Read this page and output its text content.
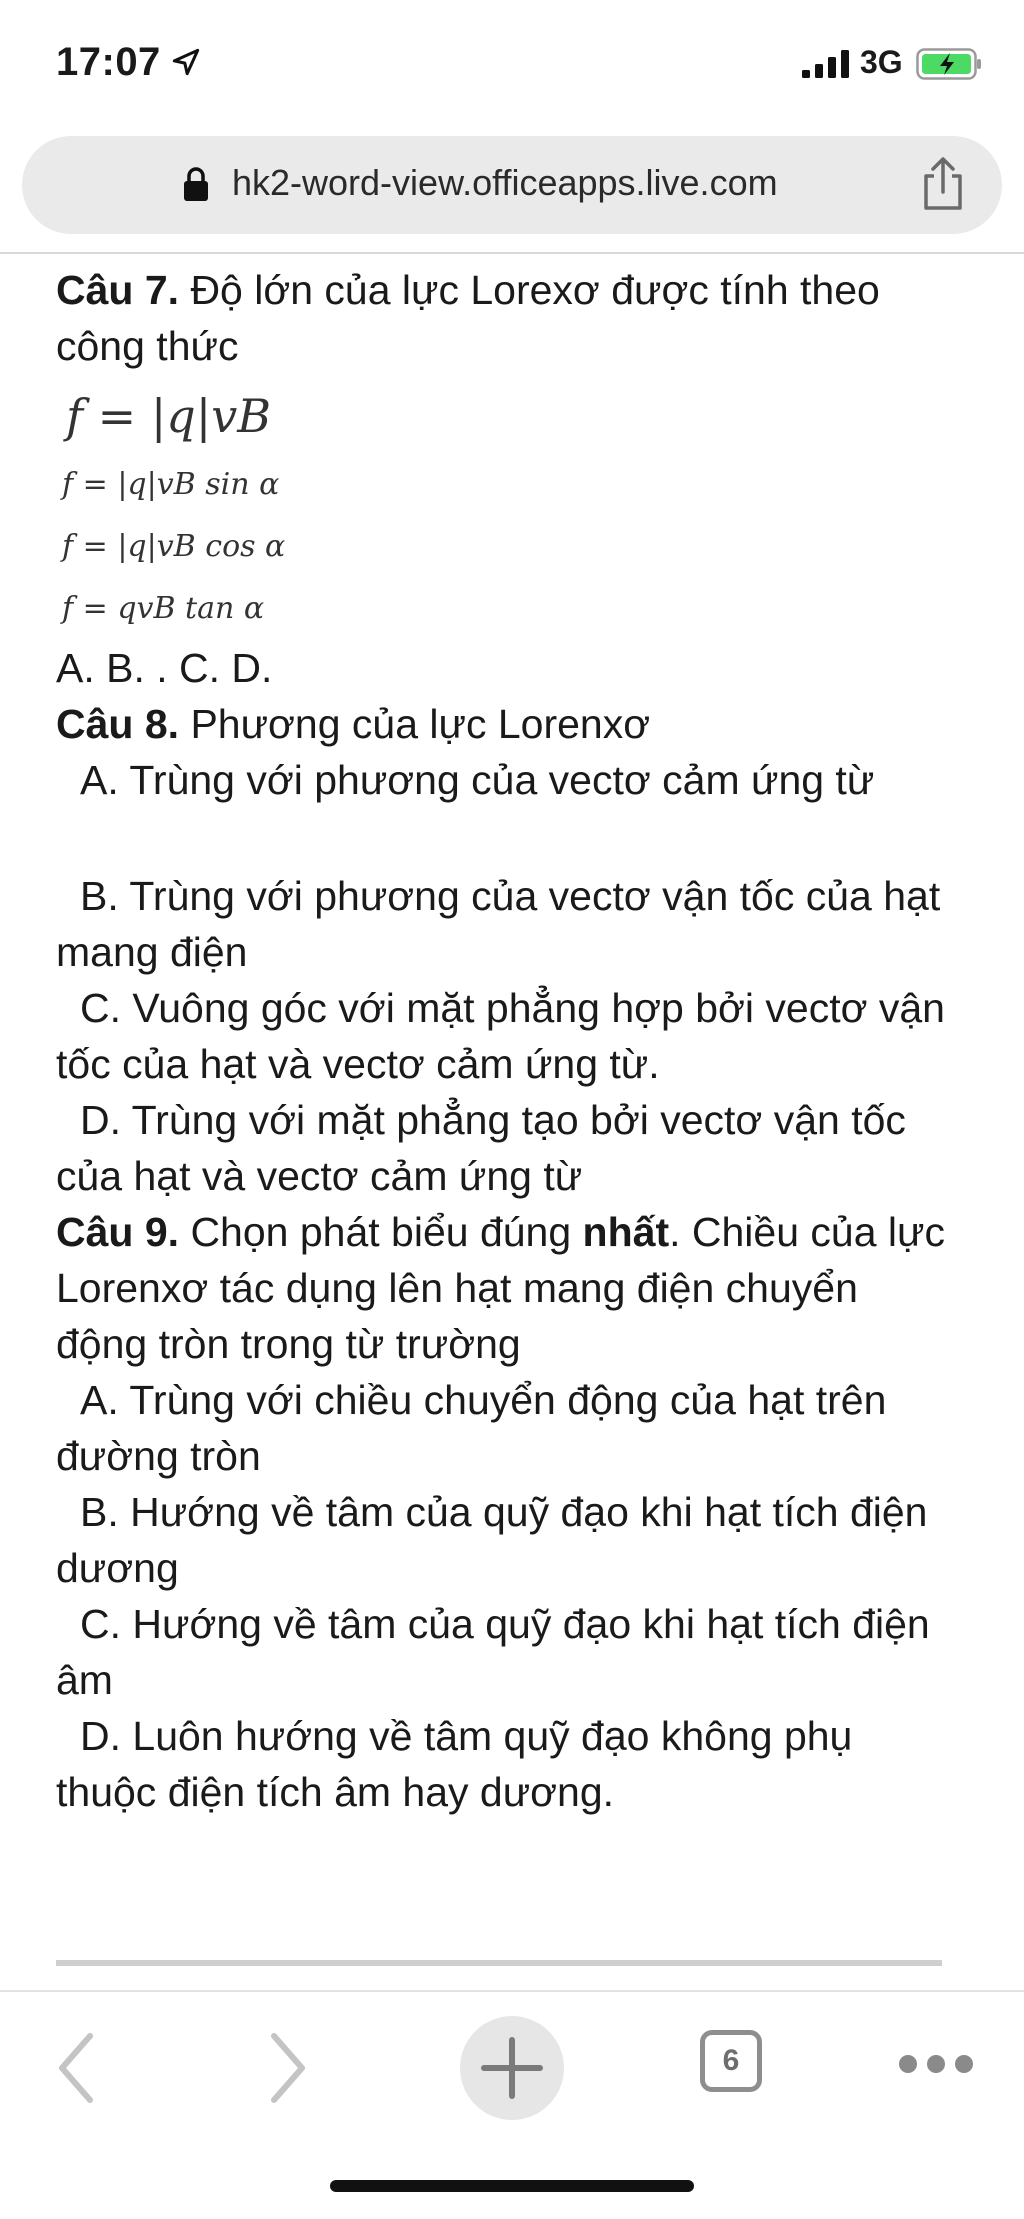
17:07	3G
hk2-word-view.officeapps.live.com

Câu 7. Độ lớn của lực Lorexơ được tính theo công thức

f = |q|vB
f = |q|vB sin α
f = |q|vB cos α
f = qvB tan α

A. B. . C. D.

Câu 8. Phương của lực Lorenxơ

A. Trùng với phương của vectơ cảm ứng từ

B. Trùng với phương của vectơ vận tốc của hạt mang điện

C. Vuông góc với mặt phẳng hợp bởi vectơ vận tốc của hạt và vectơ cảm ứng từ.

D. Trùng với mặt phẳng tạo bởi vectơ vận tốc của hạt và vectơ cảm ứng từ

Câu 9. Chọn phát biểu đúng nhất. Chiều của lực Lorenxơ tác dụng lên hạt mang điện chuyển động tròn trong từ trường

A. Trùng với chiều chuyển động của hạt trên đường tròn

B. Hướng về tâm của quỹ đạo khi hạt tích điện dương

C. Hướng về tâm của quỹ đạo khi hạt tích điện âm

D. Luôn hướng về tâm quỹ đạo không phụ thuộc điện tích âm hay dương.

6
